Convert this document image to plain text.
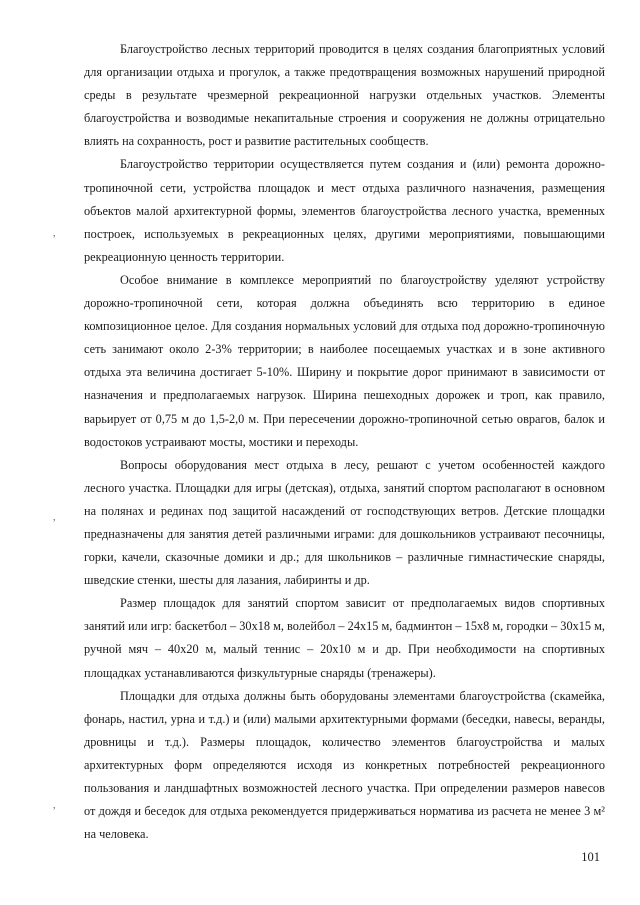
Благоустройство лесных территорий проводится в целях создания благоприятных условий для организации отдыха и прогулок, а также предотвращения возможных нарушений природной среды в результате чрезмерной рекреационной нагрузки отдельных участков. Элементы благоустройства и возводимые некапитальные строения и сооружения не должны отрицательно влиять на сохранность, рост и развитие растительных сообществ.

Благоустройство территории осуществляется путем создания и (или) ремонта дорожно-тропиночной сети, устройства площадок и мест отдыха различного назначения, размещения объектов малой архитектурной формы, элементов благоустройства лесного участка, временных построек, используемых в рекреационных целях, другими мероприятиями, повышающими рекреационную ценность территории.

Особое внимание в комплексе мероприятий по благоустройству уделяют устройству дорожно-тропиночной сети, которая должна объединять всю территорию в единое композиционное целое. Для создания нормальных условий для отдыха под дорожно-тропиночную сеть занимают около 2-3% территории; в наиболее посещаемых участках и в зоне активного отдыха эта величина достигает 5-10%. Ширину и покрытие дорог принимают в зависимости от назначения и предполагаемых нагрузок. Ширина пешеходных дорожек и троп, как правило, варьирует от 0,75 м до 1,5-2,0 м. При пересечении дорожно-тропиночной сетью оврагов, балок и водостоков устраивают мосты, мостики и переходы.

Вопросы оборудования мест отдыха в лесу, решают с учетом особенностей каждого лесного участка. Площадки для игры (детская), отдыха, занятий спортом располагают в основном на полянах и рединах под защитой насаждений от господствующих ветров. Детские площадки предназначены для занятия детей различными играми: для дошкольников устраивают песочницы, горки, качели, сказочные домики и др.; для школьников – различные гимнастические снаряды, шведские стенки, шесты для лазания, лабиринты и др.

Размер площадок для занятий спортом зависит от предполагаемых видов спортивных занятий или игр: баскетбол – 30х18 м, волейбол – 24х15 м, бадминтон – 15х8 м, городки – 30х15 м, ручной мяч – 40х20 м, малый теннис – 20х10 м и др. При необходимости на спортивных площадках устанавливаются физкультурные снаряды (тренажеры).

Площадки для отдыха должны быть оборудованы элементами благоустройства (скамейка, фонарь, настил, урна и т.д.) и (или) малыми архитектурными формами (беседки, навесы, веранды, дровницы и т.д.). Размеры площадок, количество элементов благоустройства и малых архитектурных форм определяются исходя из конкретных потребностей рекреационного пользования и ландшафтных возможностей лесного участка. При определении размеров навесов от дождя и беседок для отдыха рекомендуется придерживаться норматива из расчета не менее 3 м² на человека.

,
,
,
101
